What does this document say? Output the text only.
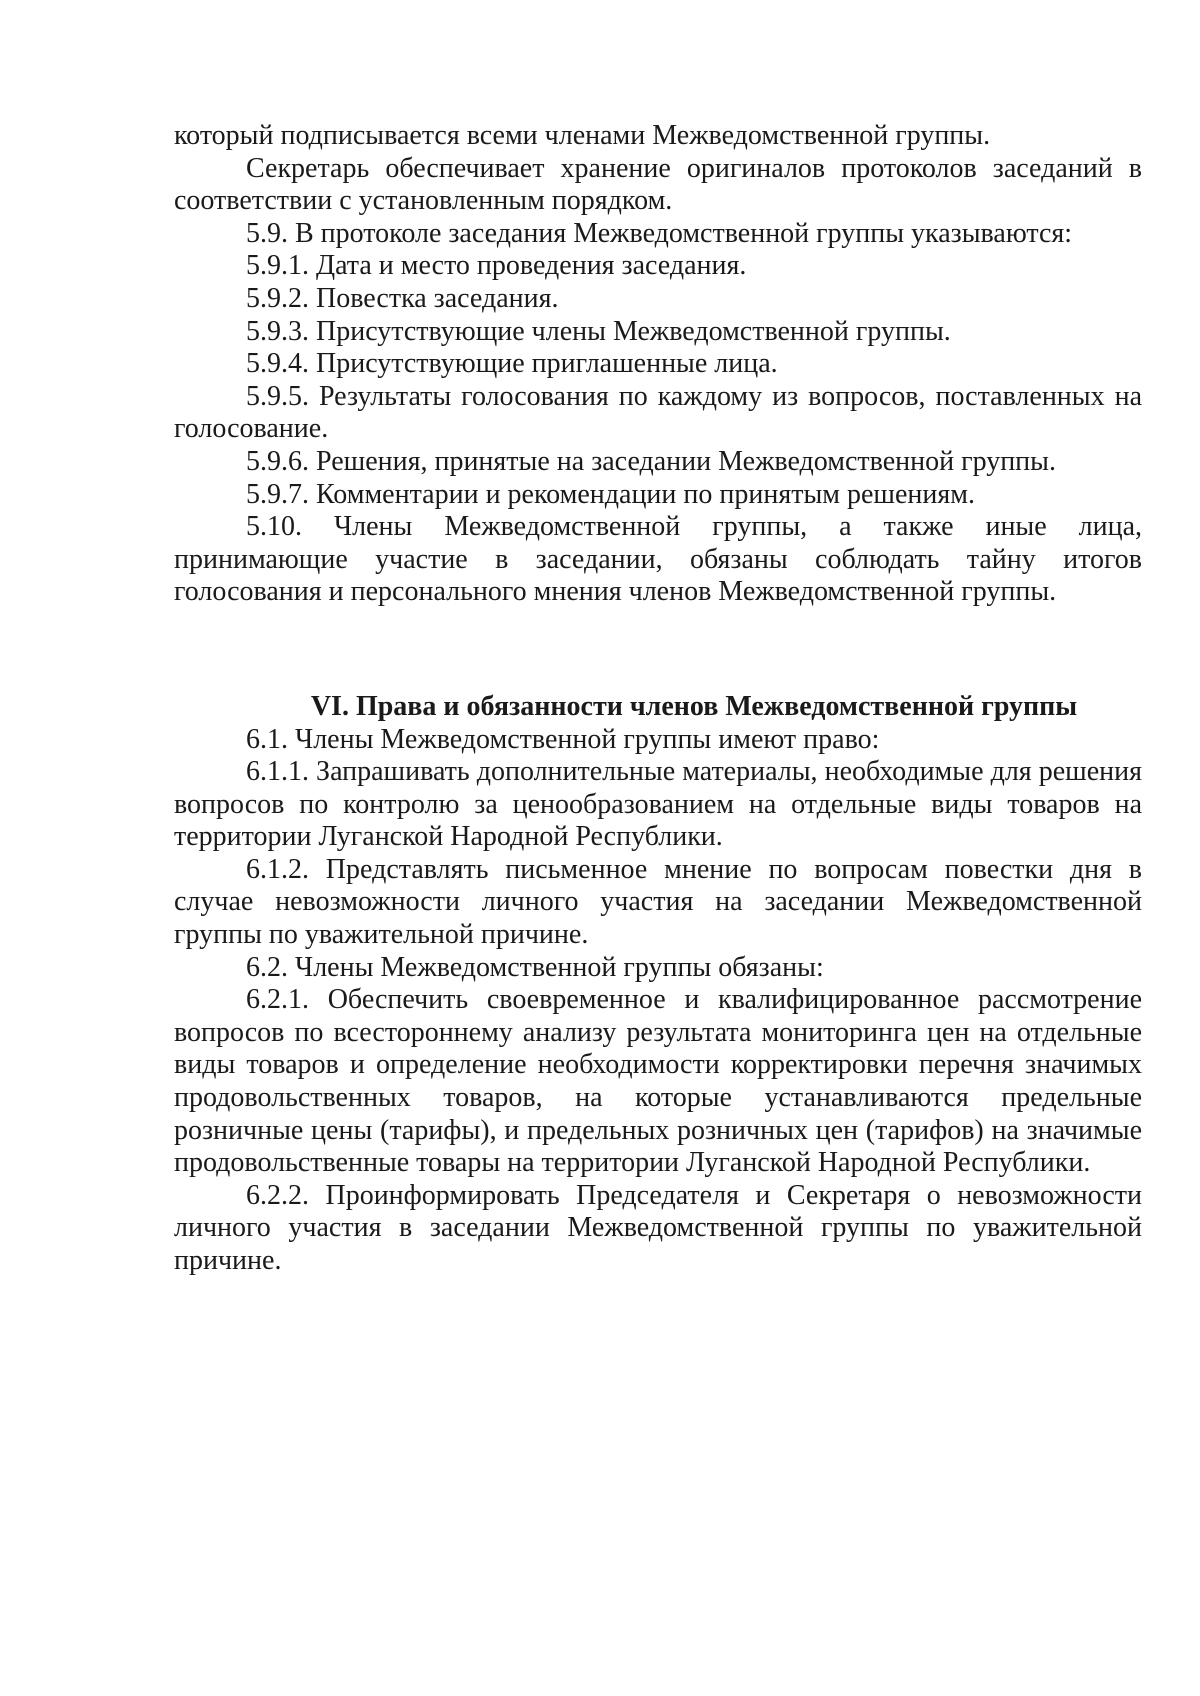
который подписывается всеми членами Межведомственной группы.

Секретарь обеспечивает хранение оригиналов протоколов заседаний в соответствии с установленным порядком.

5.9. В протоколе заседания Межведомственной группы указываются:

5.9.1. Дата и место проведения заседания.

5.9.2. Повестка заседания.

5.9.3. Присутствующие члены Межведомственной группы.

5.9.4. Присутствующие приглашенные лица.

5.9.5. Результаты голосования по каждому из вопросов, поставленных на голосование.

5.9.6. Решения, принятые на заседании Межведомственной группы.

5.9.7. Комментарии и рекомендации по принятым решениям.

5.10. Члены Межведомственной группы, а также иные лица, принимающие участие в заседании, обязаны соблюдать тайну итогов голосования и персонального мнения членов Межведомственной группы.

VI. Права и обязанности членов Межведомственной группы

6.1. Члены Межведомственной группы имеют право:

6.1.1. Запрашивать дополнительные материалы, необходимые для решения вопросов по контролю за ценообразованием на отдельные виды товаров на территории Луганской Народной Республики.

6.1.2. Представлять письменное мнение по вопросам повестки дня в случае невозможности личного участия на заседании Межведомственной группы по уважительной причине.

6.2. Члены Межведомственной группы обязаны:

6.2.1. Обеспечить своевременное и квалифицированное рассмотрение вопросов по всестороннему анализу результата мониторинга цен на отдельные виды товаров и определение необходимости корректировки перечня значимых продовольственных товаров, на которые устанавливаются предельные розничные цены (тарифы), и предельных розничных цен (тарифов) на значимые продовольственные товары на территории Луганской Народной Республики.

6.2.2. Проинформировать Председателя и Секретаря о невозможности личного участия в заседании Межведомственной группы по уважительной причине.
